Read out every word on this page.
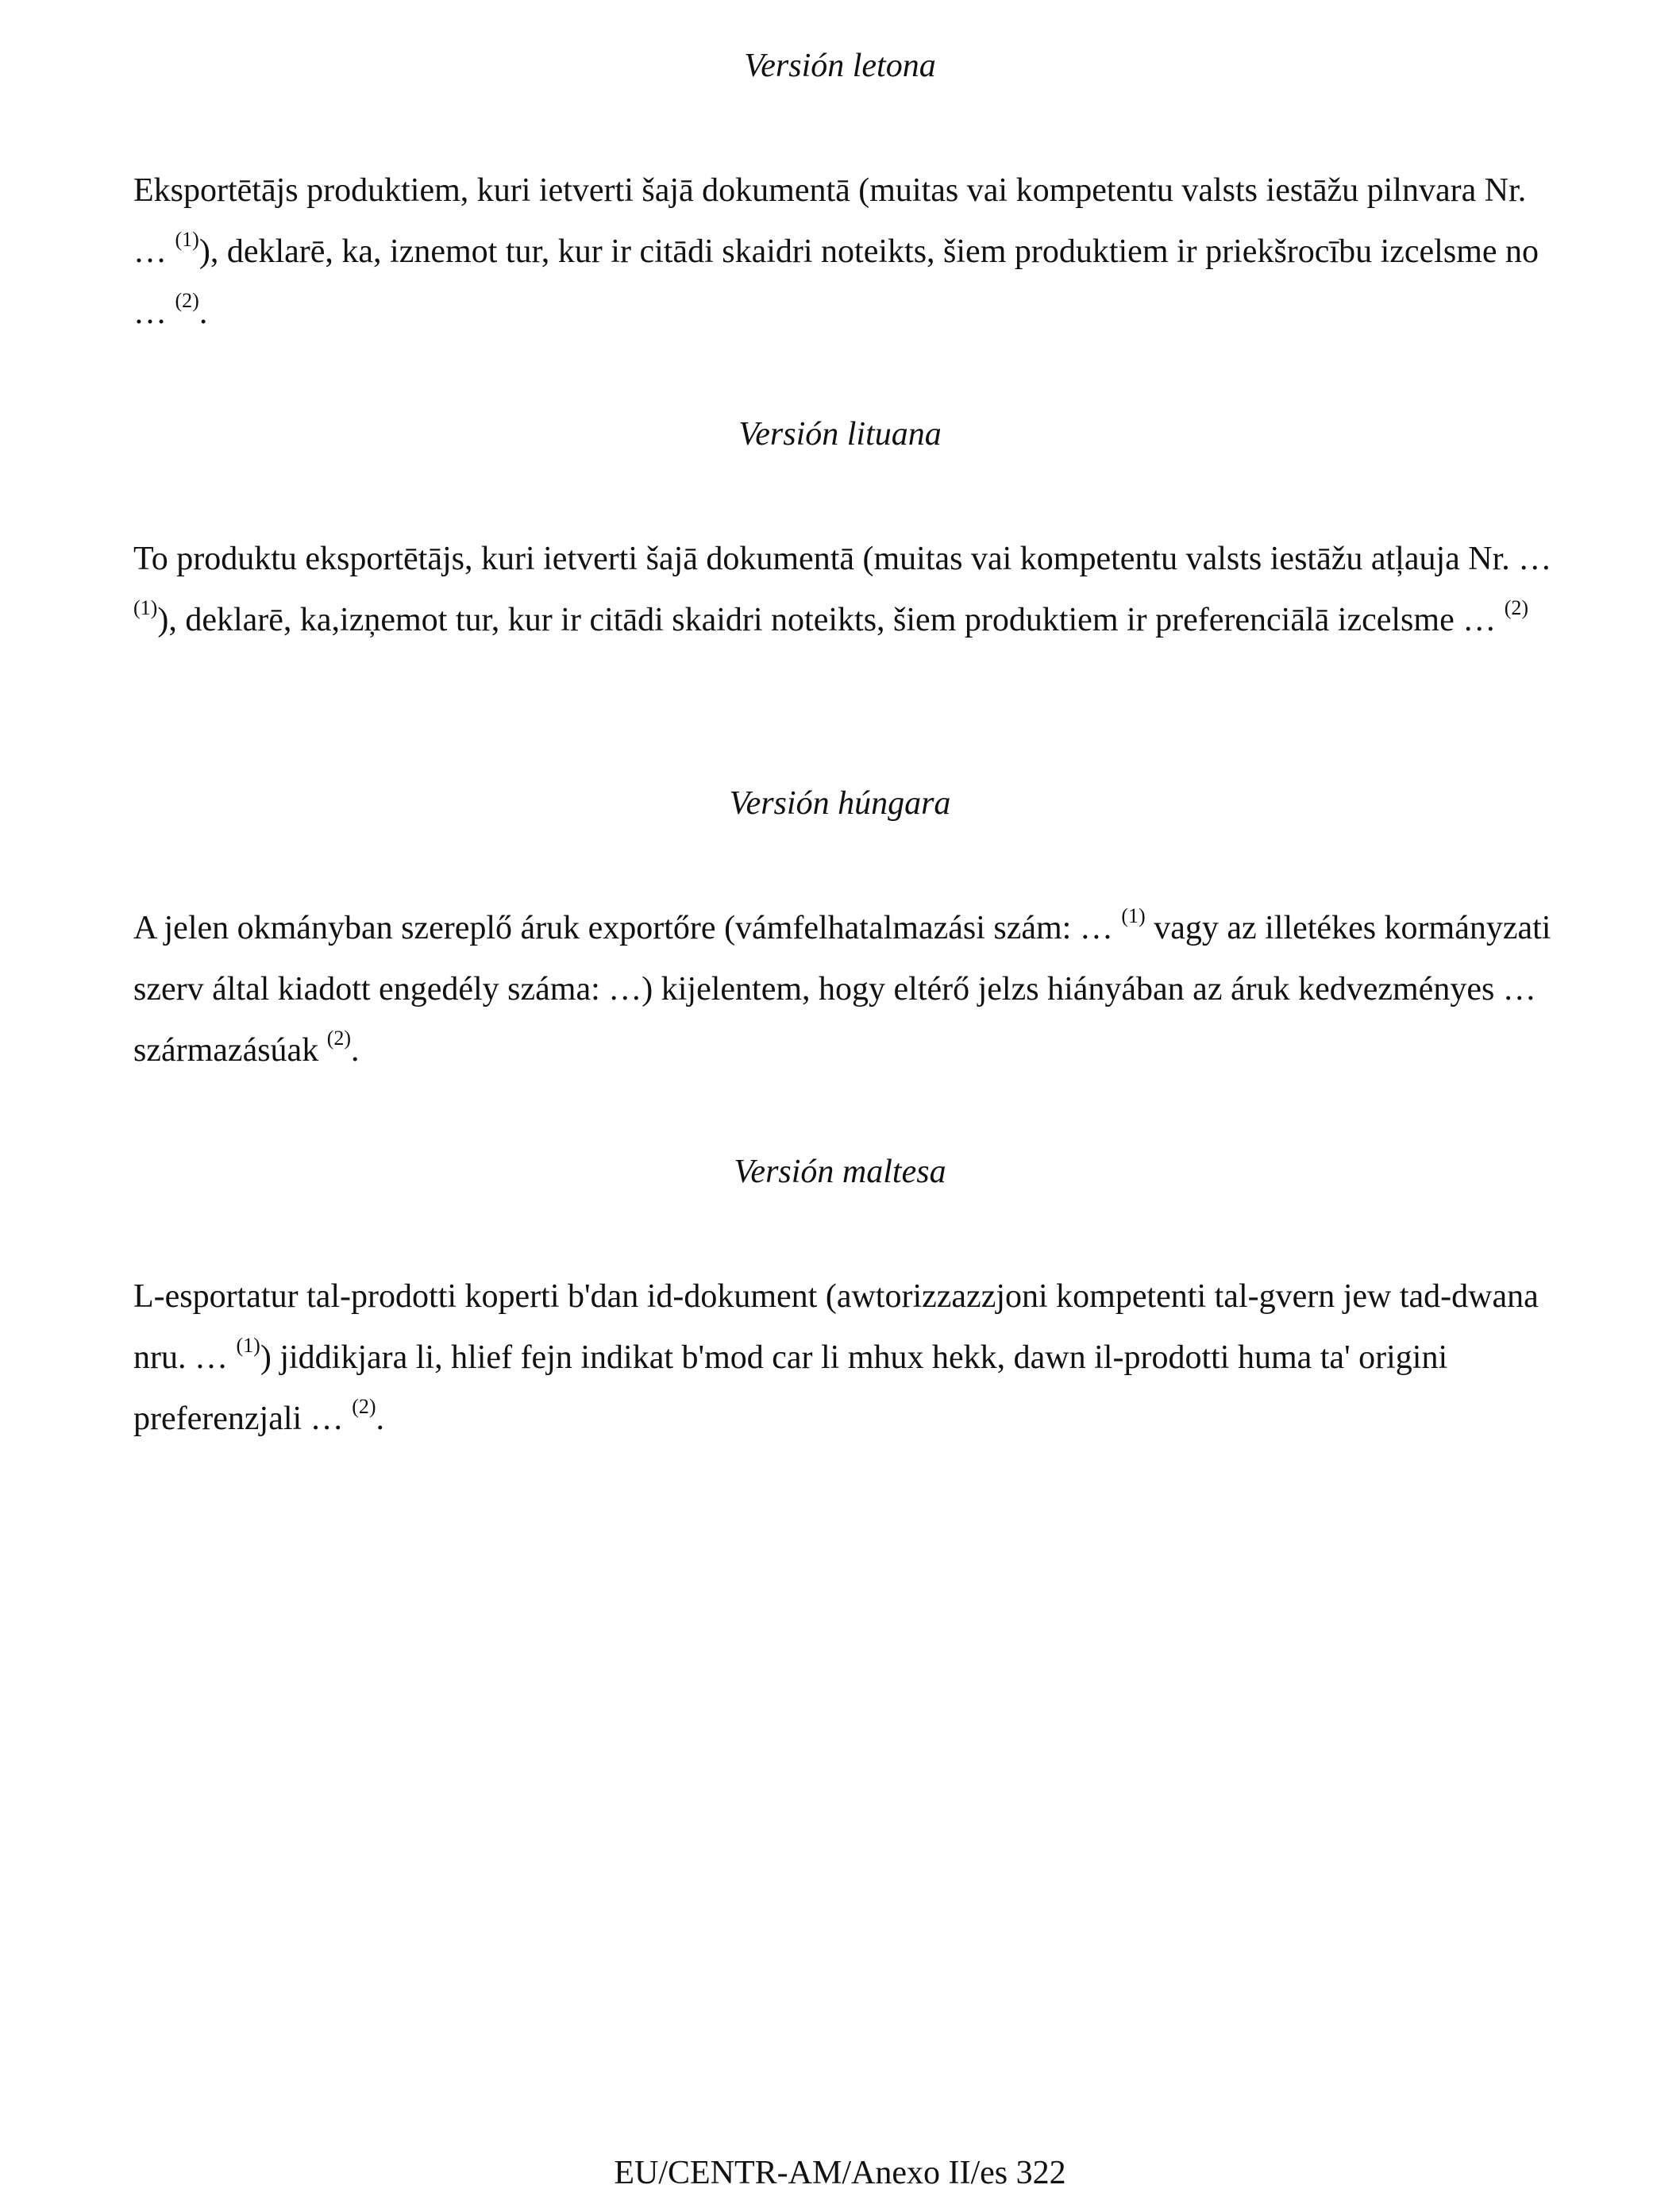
Versión letona

Eksportētājs produktiem, kuri ietverti šajā dokumentā (muitas vai kompetentu valsts iestāžu pilnvara Nr. … $^{(1)}$), deklarē, ka, iznemot tur, kur ir citādi skaidri noteikts, šiem produktiem ir priekšrocību izcelsme no … $^{(2)}$.

Versión lituana

To produktu eksportētājs, kuri ietverti šajā dokumentā (muitas vai kompetentu valsts iestāžu atļauja Nr. … $^{(1)}$), deklarē, ka,izņemot tur, kur ir citādi skaidri noteikts, šiem produktiem ir preferenciālā izcelsme … $^{(2)}$

Versión húngara

A jelen okmányban szereplő áruk exportőre (vámfelhatalmazási szám: … $^{(1)}$ vagy az illetékes kormányzati szerv által kiadott engedély száma: …) kijelentem, hogy eltérő jelzs hiányában az áruk kedvezményes … származásúak $^{(2)}$.

Versión maltesa

L-esportatur tal-prodotti koperti b'dan id-dokument (awtorizzazzjoni kompetenti tal-gvern jew tad-dwana nru. … $^{(1)}$) jiddikjara li, hlief fejn indikat b'mod car li mhux hekk, dawn il-prodotti huma ta' origini preferenzjali … $^{(2)}$.

EU/CENTR-AM/Anexo II/es 322
